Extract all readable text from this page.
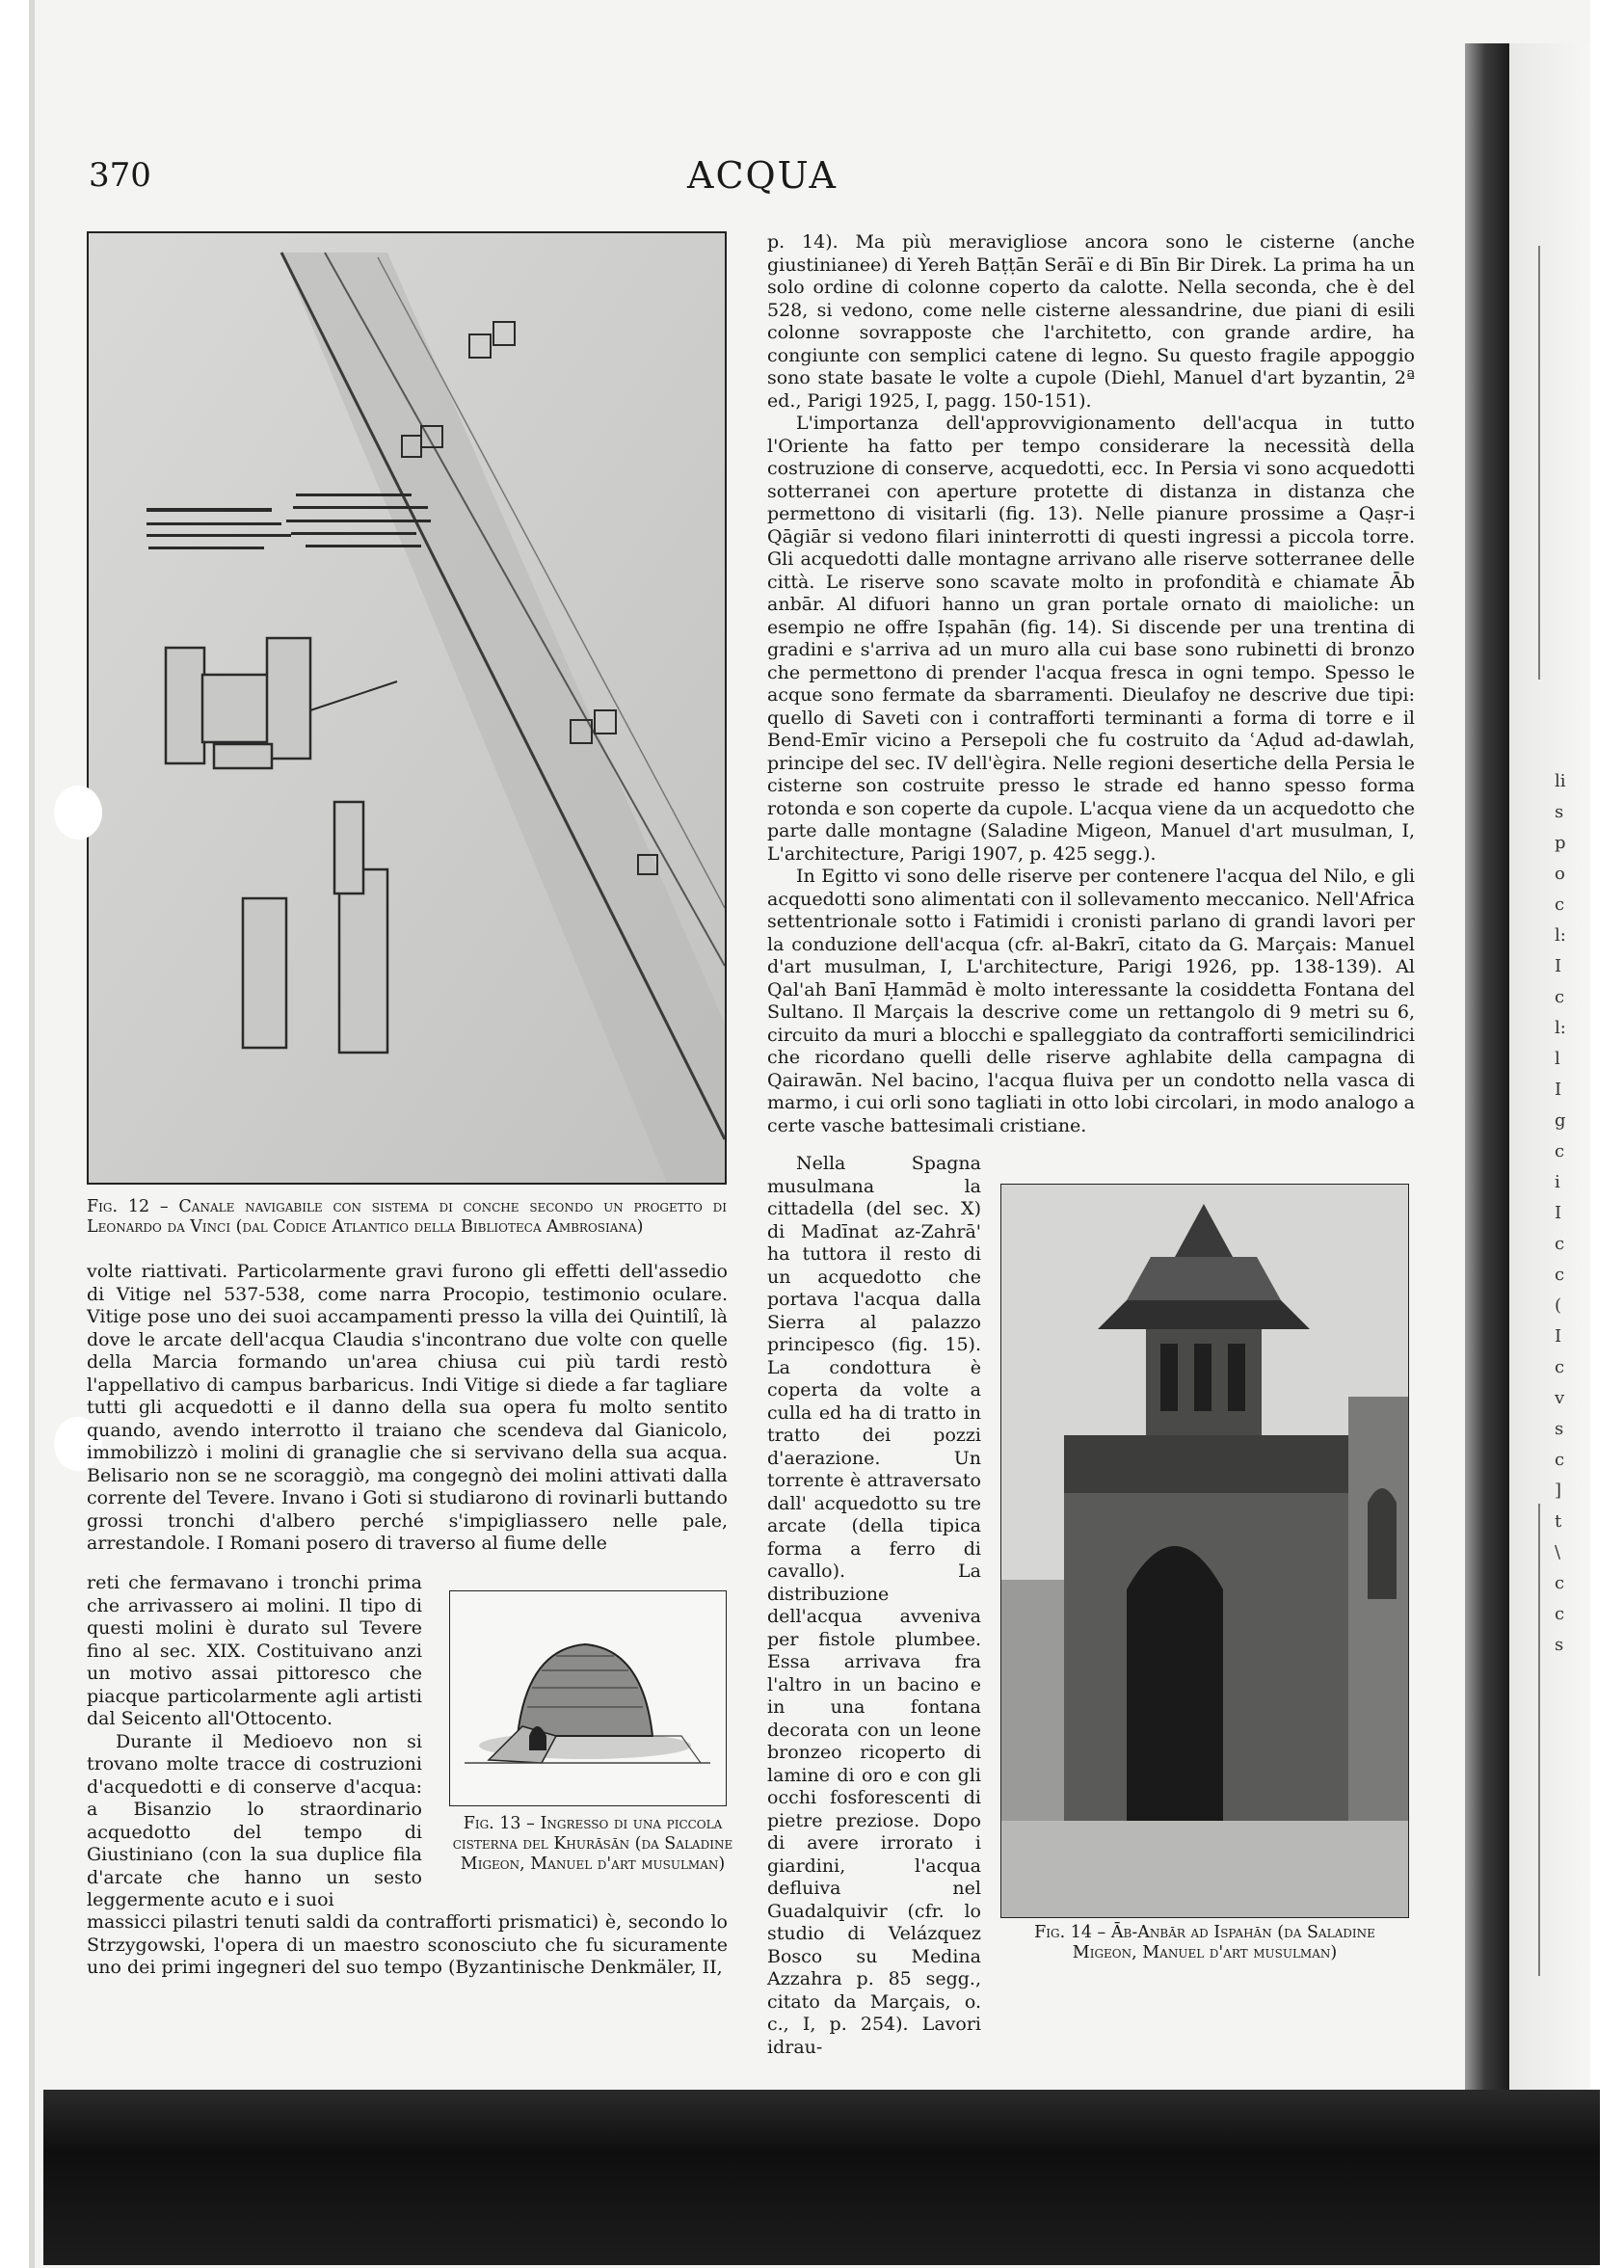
370	ACQUA
Fig. 12 – Canale navigabile con sistema di conche secondo un progetto di Leonardo da Vinci (dal Codice Atlantico della Biblioteca Ambrosiana)

volte riattivati. Particolarmente gravi furono gli effetti dell'assedio di Vitige nel 537-538, come narra Procopio, testimonio oculare. Vitige pose uno dei suoi accampamenti presso la villa dei Quintilî, là dove le arcate dell'acqua Claudia s'incontrano due volte con quelle della Marcia formando un'area chiusa cui più tardi restò l'appellativo di campus barbaricus. Indi Vitige si diede a far tagliare tutti gli acquedotti e il danno della sua opera fu molto sentito quando, avendo interrotto il traiano che scendeva dal Gianicolo, immobilizzò i molini di granaglie che si servivano della sua acqua. Belisario non se ne scoraggiò, ma congegnò dei molini attivati dalla corrente del Tevere. Invano i Goti si studiarono di rovinarli buttando grossi tronchi d'albero perché s'impigliassero nelle pale, arrestandole. I Romani posero di traverso al fiume delle

reti che fermavano i tronchi prima che arrivassero ai molini. Il tipo di questi molini è durato sul Tevere fino al sec. XIX. Costituivano anzi un motivo assai pittoresco che piacque particolarmente agli artisti dal Seicento all'Ottocento.

Durante il Medioevo non si trovano molte tracce di costruzioni d'acquedotti e di conserve d'acqua: a Bisanzio lo straordinario acquedotto del tempo di Giustiniano (con la sua duplice fila d'arcate che hanno un sesto leggermente acuto e i suoi

Fig. 13 – Ingresso di una piccola cisterna del Khurāsān (da Saladine Migeon, Manuel d'art musulman)

massicci pilastri tenuti saldi da contrafforti prismatici) è, secondo lo Strzygowski, l'opera di un maestro sconosciuto che fu sicuramente uno dei primi ingegneri del suo tempo (Byzantinische Denkmäler, II,

p. 14). Ma più meravigliose ancora sono le cisterne (anche giustinianee) di Yereh Baṭṭān Serāï e di Bīn Bir Direk. La prima ha un solo ordine di colonne coperto da calotte. Nella seconda, che è del 528, si vedono, come nelle cisterne alessandrine, due piani di esili colonne sovrapposte che l'architetto, con grande ardire, ha congiunte con semplici catene di legno. Su questo fragile appoggio sono state basate le volte a cupole (Diehl, Manuel d'art byzantin, 2ª ed., Parigi 1925, I, pagg. 150-151).

L'importanza dell'approvvigionamento dell'acqua in tutto l'Oriente ha fatto per tempo considerare la necessità della costruzione di conserve, acquedotti, ecc. In Persia vi sono acquedotti sotterranei con aperture protette di distanza in distanza che permettono di visitarli (fig. 13). Nelle pianure prossime a Qaṣr-i Qāgiār si vedono filari ininterrotti di questi ingressi a piccola torre. Gli acquedotti dalle montagne arrivano alle riserve sotterranee delle città. Le riserve sono scavate molto in profondità e chiamate Āb anbār. Al difuori hanno un gran portale ornato di maioliche: un esempio ne offre Iṣpahān (fig. 14). Si discende per una trentina di gradini e s'arriva ad un muro alla cui base sono rubinetti di bronzo che permettono di prender l'acqua fresca in ogni tempo. Spesso le acque sono fermate da sbarramenti. Dieulafoy ne descrive due tipi: quello di Saveti con i contrafforti terminanti a forma di torre e il Bend-Emīr vicino a Persepoli che fu costruito da ʿAḍud ad-dawlah, principe del sec. IV dell'ègira. Nelle regioni desertiche della Persia le cisterne son costruite presso le strade ed hanno spesso forma rotonda e son coperte da cupole. L'acqua viene da un acquedotto che parte dalle montagne (Saladine Migeon, Manuel d'art musulman, I, L'architecture, Parigi 1907, p. 425 segg.).

In Egitto vi sono delle riserve per contenere l'acqua del Nilo, e gli acquedotti sono alimentati con il sollevamento meccanico. Nell'Africa settentrionale sotto i Fatimidi i cronisti parlano di grandi lavori per la conduzione dell'acqua (cfr. al-Bakrī, citato da G. Marçais: Manuel d'art musulman, I, L'architecture, Parigi 1926, pp. 138-139). Al Qal'ah Banī Ḥammād è molto interessante la cosiddetta Fontana del Sultano. Il Marçais la descrive come un rettangolo di 9 metri su 6, circuito da muri a blocchi e spalleggiato da contrafforti semicilindrici che ricordano quelli delle riserve aghlabite della campagna di Qairawān. Nel bacino, l'acqua fluiva per un condotto nella vasca di marmo, i cui orli sono tagliati in otto lobi circolari, in modo analogo a certe vasche battesimali cristiane.

Nella Spagna musulmana la cittadella (del sec. X) di Madīnat az-Zahrā' ha tuttora il resto di un acquedotto che portava l'acqua dalla Sierra al palazzo principesco (fig. 15). La condottura è coperta da volte a culla ed ha di tratto in tratto dei pozzi d'aerazione. Un torrente è attraversato dall' acquedotto su tre arcate (della tipica forma a ferro di cavallo). La distribuzione dell'acqua avveniva per fistole plumbee. Essa arrivava fra l'altro in un bacino e in una fontana decorata con un leone bronzeo ricoperto di lamine di oro e con gli occhi fosforescenti di pietre preziose. Dopo di avere irrorato i giardini, l'acqua defluiva nel Guadalquivir (cfr. lo studio di Velázquez Bosco su Medina Azzahra p. 85 segg., citato da Marçais, o. c., I, p. 254). Lavori idrau-

Fig. 14 – Āb-Anbār ad Ispahān (da Saladine Migeon, Manuel d'art musulman)
li
s
p
o
c
l:
I
c
l:
l
I
g
c
i
I
c
c
(
I
c
v
s
c
]
t
\
c
c
s
